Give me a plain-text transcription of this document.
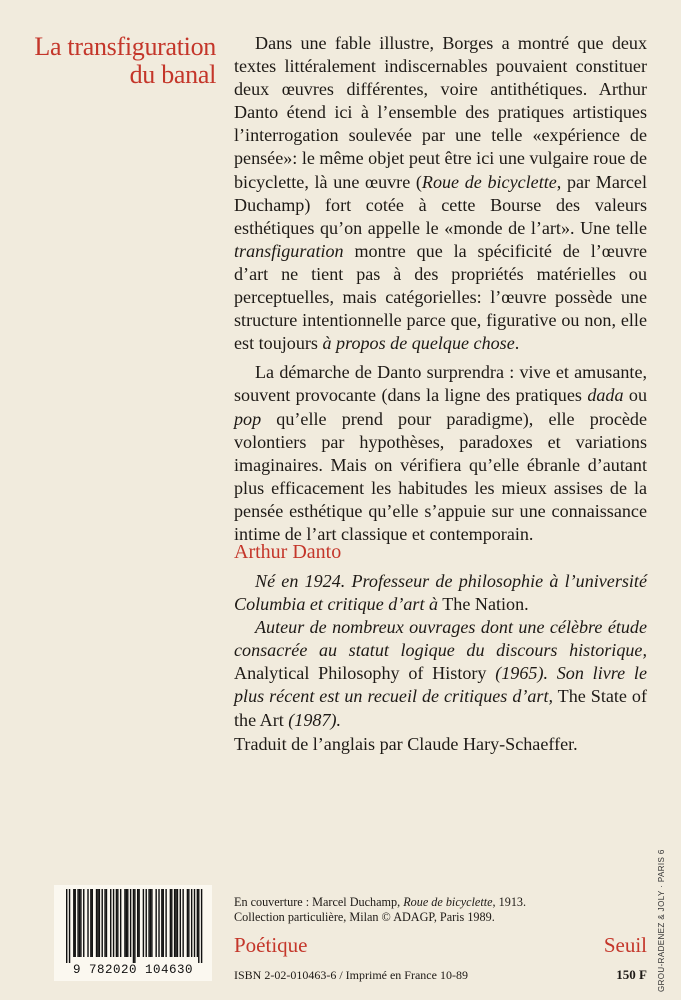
La transfiguration
du banal

Dans une fable illustre, Borges a montré que deux textes littéralement indiscernables pouvaient constituer deux œuvres différentes, voire antithétiques. Arthur Danto étend ici à l’ensemble des pratiques artistiques l’interrogation soulevée par une telle «expérience de pensée»: le même objet peut être ici une vulgaire roue de bicyclette, là une œuvre (Roue de bicyclette, par Marcel Duchamp) fort cotée à cette Bourse des valeurs esthétiques qu’on appelle le «monde de l’art». Une telle transfiguration montre que la spécificité de l’œuvre d’art ne tient pas à des propriétés matérielles ou perceptuelles, mais catégorielles: l’œuvre possède une structure intentionnelle parce que, figurative ou non, elle est toujours à propos de quelque chose.

La démarche de Danto surprendra : vive et amusante, souvent provocante (dans la ligne des pratiques dada ou pop qu’elle prend pour paradigme), elle procède volontiers par hypothèses, paradoxes et variations imaginaires. Mais on vérifiera qu’elle ébranle d’autant plus efficacement les habitudes les mieux assises de la pensée esthétique qu’elle s’appuie sur une connaissance intime de l’art classique et contemporain.

Arthur Danto

Né en 1924. Professeur de philosophie à l’université Columbia et critique d’art à The Nation.

Auteur de nombreux ouvrages dont une célèbre étude consacrée au statut logique du discours historique, Analytical Philosophy of History (1965). Son livre le plus récent est un recueil de critiques d’art, The State of the Art (1987).

Traduit de l’anglais par Claude Hary-Schaeffer.
9 782020 104630
En couverture : Marcel Duchamp, Roue de bicyclette, 1913.
Collection particulière, Milan © ADAGP, Paris 1989.
Poétique	Seuil
ISBN 2-02-010463-6 / Imprimé en France 10-89	150 F GROU-RADENEZ & JOLY · PARIS 6
